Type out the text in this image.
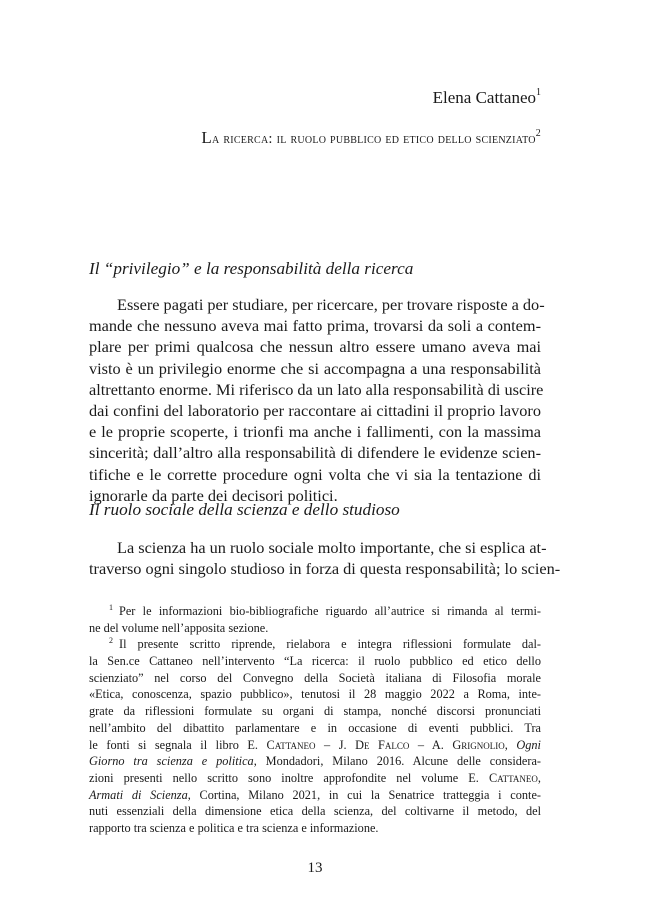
Elena Cattaneo$^1$
La ricerca: il ruolo pubblico ed etico dello scienziato$^2$
Il “privilegio” e la responsabilità della ricerca
Essere pagati per studiare, per ricercare, per trovare risposte a do-
mande che nessuno aveva mai fatto prima, trovarsi da soli a contem-
plare per primi qualcosa che nessun altro essere umano aveva mai
visto è un privilegio enorme che si accompagna a una responsabilità
altrettanto enorme. Mi riferisco da un lato alla responsabilità di uscire
dai confini del laboratorio per raccontare ai cittadini il proprio lavoro
e le proprie scoperte, i trionfi ma anche i fallimenti, con la massima
sincerità; dall’altro alla responsabilità di difendere le evidenze scien-
tifiche e le corrette procedure ogni volta che vi sia la tentazione di
ignorarle da parte dei decisori politici.
Il ruolo sociale della scienza e dello studioso
La scienza ha un ruolo sociale molto importante, che si esplica at-
traverso ogni singolo studioso in forza di questa responsabilità; lo scien-
$^1$ Per le informazioni bio-bibliografiche riguardo all’autrice si rimanda al termi-
ne del volume nell’apposita sezione.
$^2$ Il presente scritto riprende, rielabora e integra riflessioni formulate dal-
la Sen.ce Cattaneo nell’intervento “La ricerca: il ruolo pubblico ed etico dello
scienziato” nel corso del Convegno della Società italiana di Filosofia morale
«Etica, conoscenza, spazio pubblico», tenutosi il 28 maggio 2022 a Roma, inte-
grate da riflessioni formulate su organi di stampa, nonché discorsi pronunciati
nell’ambito del dibattito parlamentare e in occasione di eventi pubblici. Tra
le fonti si segnala il libro E. Cattaneo – J. De Falco – A. Grignolio, Ogni
Giorno tra scienza e politica, Mondadori, Milano 2016. Alcune delle considera-
zioni presenti nello scritto sono inoltre approfondite nel volume E. Cattaneo,
Armati di Scienza, Cortina, Milano 2021, in cui la Senatrice tratteggia i conte-
nuti essenziali della dimensione etica della scienza, del coltivarne il metodo, del
rapporto tra scienza e politica e tra scienza e informazione.
13
